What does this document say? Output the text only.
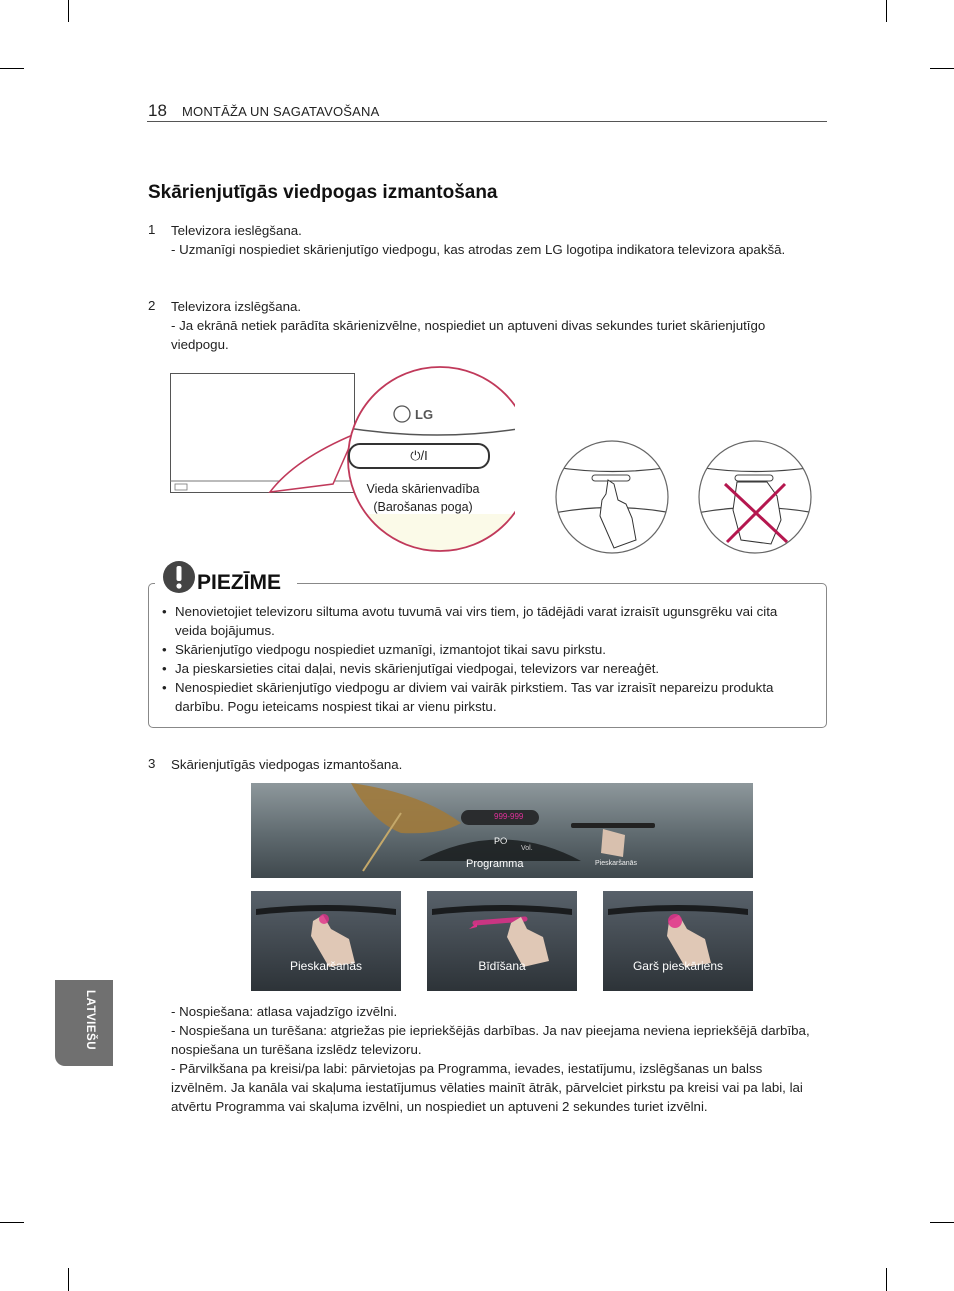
18 MONTĀŽA UN SAGATAVOŠANA
Skārienjutīgās viedpogas izmantošana
1 Televizora ieslēgšana.
- Uzmanīgi nospiediet skārienjutīgo viedpogu, kas atrodas zem LG logotipa indikatora televizora apakšā.
2 Televizora izslēgšana.
- Ja ekrānā netiek parādīta skārienizvēlne, nospiediet un aptuveni divas sekundes turiet skārienjutīgo viedpogu.
LG
⏻/I
Vieda skārienvadība
(Barošanas poga)
PIEZĪME
• Nenovietojiet televizoru siltuma avotu tuvumā vai virs tiem, jo tādējādi varat izraisīt ugunsgrēku vai cita veida bojājumus.
• Skārienjutīgo viedpogu nospiediet uzmanīgi, izmantojot tikai savu pirkstu.
• Ja pieskarsieties citai daļai, nevis skārienjutīgai viedpogai, televizors var nereaģēt.
• Nenospiediet skārienjutīgo viedpogu ar diviem vai vairāk pirkstiem. Tas var izraisīt nepareizu produkta darbību. Pogu ieteicams nospiest tikai ar vienu pirkstu.
3 Skārienjutīgās viedpogas izmantošana.
999-999
P⭘
Vol.
Programma	Pieskaršanās
Pieskaršanās	Bīdīšana	Garš pieskāriens
- Nospiešana: atlasa vajadzīgo izvēlni.
- Nospiešana un turēšana: atgriežas pie iepriekšējās darbības. Ja nav pieejama neviena iepriekšējā darbība, nospiešana un turēšana izslēdz televizoru.
- Pārvilkšana pa kreisi/pa labi: pārvietojas pa Programma, ievades, iestatījumu, izslēgšanas un balss izvēlnēm. Ja kanāla vai skaļuma iestatījumus vēlaties mainīt ātrāk, pārvelciet pirkstu pa kreisi vai pa labi, lai atvērtu Programma vai skaļuma izvēlni, un nospiediet un aptuveni 2 sekundes turiet izvēlni.
LATVIEŠU
